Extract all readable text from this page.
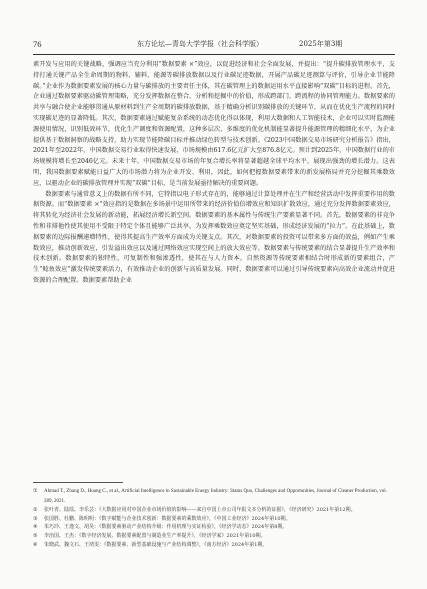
76	东方论坛—青岛大学学报（社会科学版）	2025年第3期

素开发与应用的关键战略，强调应当充分利用“数据要素 ×”效应，以促进经济和社会全面发展，并提出：“提升碳排放管理水平，支持打通关键产品全生命周期的物料、辅料、能源等碳排放数据以及行业碳足迹数据，开展产品碳足迹测算与评价，引导企业节能降碳。”企业作为数据要素发展的核心力量与碳排放的主要责任主体，其在碳管理上的数据运用水平直接影响“双碳”目标的进程。首先，企业通过数据要素驱动碳管理策略，充分发挥数据在整合、分析和挖掘中的价值，形成跨部门、跨流程的协同管理能力。数据要素的共享与融合使企业能够贯通从原材料到生产全周期的碳排放数据，基于精确分析识别碳排放的关键环节，从而在优化生产流程的同时实现碳足迹的显著降低。其次，数据要素通过赋能复杂系统的动态优化得以体现，利用大数据和人工智能技术，企业可以实时监测能源使用情况，识别低效环节，优化生产调度和资源配置，这种多层次、多维度的优化机制能显著提升能源管理的精细化水平，为企业提供基于数据洞察的战略支持，助力实现节能降碳目标并推动绿色转型与技术创新。《2023中国数据交易市场研究分析报告》指出，2021年至2022年，中国数据交易行业取得快速发展，市场规模由617.6亿元扩大至876.8亿元。预计到2025年，中国数据行业的市场规模将增长至2046亿元。未来十年，中国数据交易市场的年复合增长率将显著超越全球平均水平，展现出强劲的增长潜力。这表明，我国数据要素赋能日益广大的市场潜力将为企业开发、利用，因此，如何把握数据要素带来的新发展格局并充分挖掘其乘数效应，以驱动企业的碳排放管理并实现“双碳”目标，是当前发展亟待解决的重要问题。

数据要素与通常意义上的数据有所不同，它特指以电子形式存在的，能够通过计算处理并在生产和经营活动中发挥重要作用的数据资源。而“数据要素 ×”效应指的是数据在多场景中运用所带来的经济价值倍增效应和知识扩散效应，通过充分发挥数据要素效应，将其转化为经济社会发展的新动能，拓展经济增长新空间。数据要素的基本属性与传统生产要素显著不同。首先，数据要素的非竞争性和非排他性使其使用不受限于特定个体且能够广泛共享，为发挥乘数效应奠定坚实基础，形成经济发展的“拉力”。在此基础上，数据要素的边际报酬递增特性，使得其提高生产效率方面成为关键支点。其次，对数据要素的投资可以带来多方面的效益，例如产生乘数效应，推动创新效应，引发溢出效应以及通过网络效应实现空间上的放大效应等。数据要素与传统要素的结合显著提升生产效率和技术创新。数据要素的独特性，可复制性和强渗透性，使其在与人力资本，自然资源等传统要素相结合时形成新的要素组合，产生“鲶鱼效应”激发传统要素活力，有效推动企业的创新与高质量发展。同时，数据要素可以通过引导传统要素向高效企业流动并促进资源的合理配置。数据要素帮助企业

① Ahmad T., Zhang D., Huang C., et al., Artificial Intelligence in Sustainable Energy Industry: Status Quo, Challenges and Opportunities, Journal of Cleaner Production, vol. 289, 2021.
② 张叶青、陆瑶、李乐芸：《大数据应用对中国企业市场价值的影响——来自中国上市公司年报文本分析的证据》，《经济研究》2021年第12期。
③ 张国胜、杜鹏、陈明明：《数字赋能与企业技术创新：数据要素的乘数效应》，《中国工业经济》2024年第10期。
④ 朱巧玲、王逸文、胡昊：《数据要素驱动产业结构升级：作用机理与实证检验》，《经济学动态》2024年第8期。
⑤ 李治国、王杰：《数字经济发展、数据要素配置与制造业生产率提升》，《经济学家》2021年第10期。
⑥ 朱晓武、魏文石、王靖雯：《数据要素、新型基础设施与产业结构调整》，《南方经济》2024年第1期。
